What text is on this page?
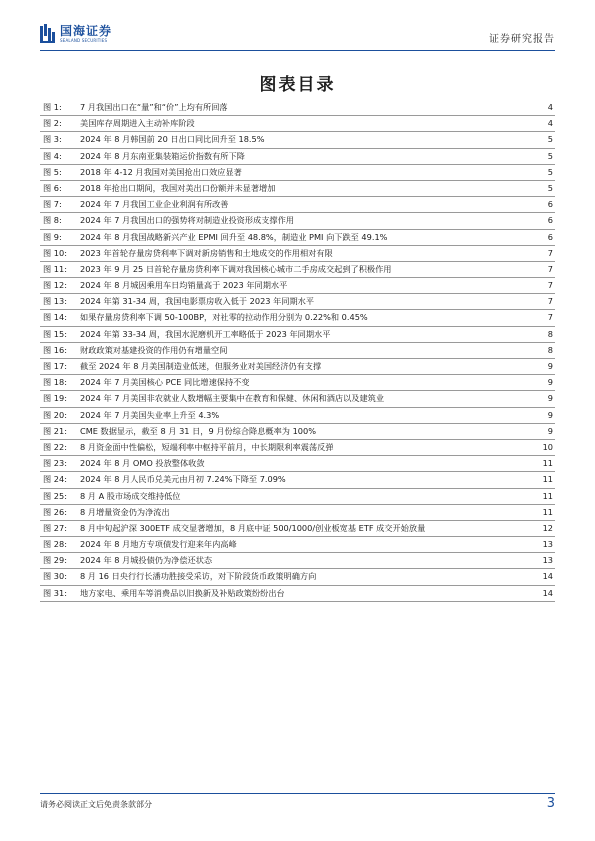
国海证券
SEALAND SECURITIES	证券研究报告
图表目录
图 1: 7 月我国出口在“量”和“价”上均有所回落	4
图 2: 美国库存周期进入主动补库阶段	4
图 3: 2024 年 8 月韩国前 20 日出口同比回升至 18.5%	5
图 4: 2024 年 8 月东南亚集装箱运价指数有所下降	5
图 5: 2018 年 4-12 月我国对美国抢出口效应显著	5
图 6: 2018 年抢出口期间，我国对美出口份额并未显著增加	5
图 7: 2024 年 7 月我国工业企业利润有所改善	6
图 8: 2024 年 7 月我国出口的强势将对制造业投资形成支撑作用	6
图 9: 2024 年 8 月我国战略新兴产业 EPMI 回升至 48.8%，制造业 PMI 向下跌至 49.1%	6
图 10: 2023 年首轮存量房贷利率下调对新房销售和土地成交的作用相对有限	7
图 11: 2023 年 9 月 25 日首轮存量房贷利率下调对我国核心城市二手房成交起到了积极作用	7
图 12: 2024 年 8 月城因乘用车日均销量高于 2023 年同期水平	7
图 13: 2024 年第 31-34 周，我国电影票房收入低于 2023 年同期水平	7
图 14: 如果存量房贷利率下调 50-100BP，对社零的拉动作用分别为 0.22%和 0.45%	7
图 15: 2024 年第 33-34 周，我国水泥磨机开工率略低于 2023 年同期水平	8
图 16: 财政政策对基建投资的作用仍有增量空间	8
图 17: 截至 2024 年 8 月美国制造业低迷，但服务业对美国经济仍有支撑	9
图 18: 2024 年 7 月美国核心 PCE 同比增速保持不变	9
图 19: 2024 年 7 月美国非农就业人数增幅主要集中在教育和保健、休闲和酒店以及建筑业	9
图 20: 2024 年 7 月美国失业率上升至 4.3%	9
图 21: CME 数据显示，截至 8 月 31 日，9 月份综合降息概率为 100%	9
图 22: 8 月资金面中性偏松，短端利率中枢持平前月，中长期限利率震荡反弹	10
图 23: 2024 年 8 月 OMO 投放整体收敛	11
图 24: 2024 年 8 月人民币兑美元由月初 7.24%下降至 7.09%	11
图 25: 8 月 A 股市场成交维持低位	11
图 26: 8 月增量资金仍为净流出	11
图 27: 8 月中旬起沪深 300ETF 成交显著增加，8 月底中证 500/1000/创业板宽基 ETF 成交开始放量	12
图 28: 2024 年 8 月地方专项债发行迎来年内高峰	13
图 29: 2024 年 8 月城投债仍为净偿还状态	13
图 30: 8 月 16 日央行行长潘功胜接受采访，对下阶段货币政策明确方向	14
图 31: 地方家电、乘用车等消费品以旧换新及补贴政策纷纷出台	14
请务必阅读正文后免责条款部分	3
